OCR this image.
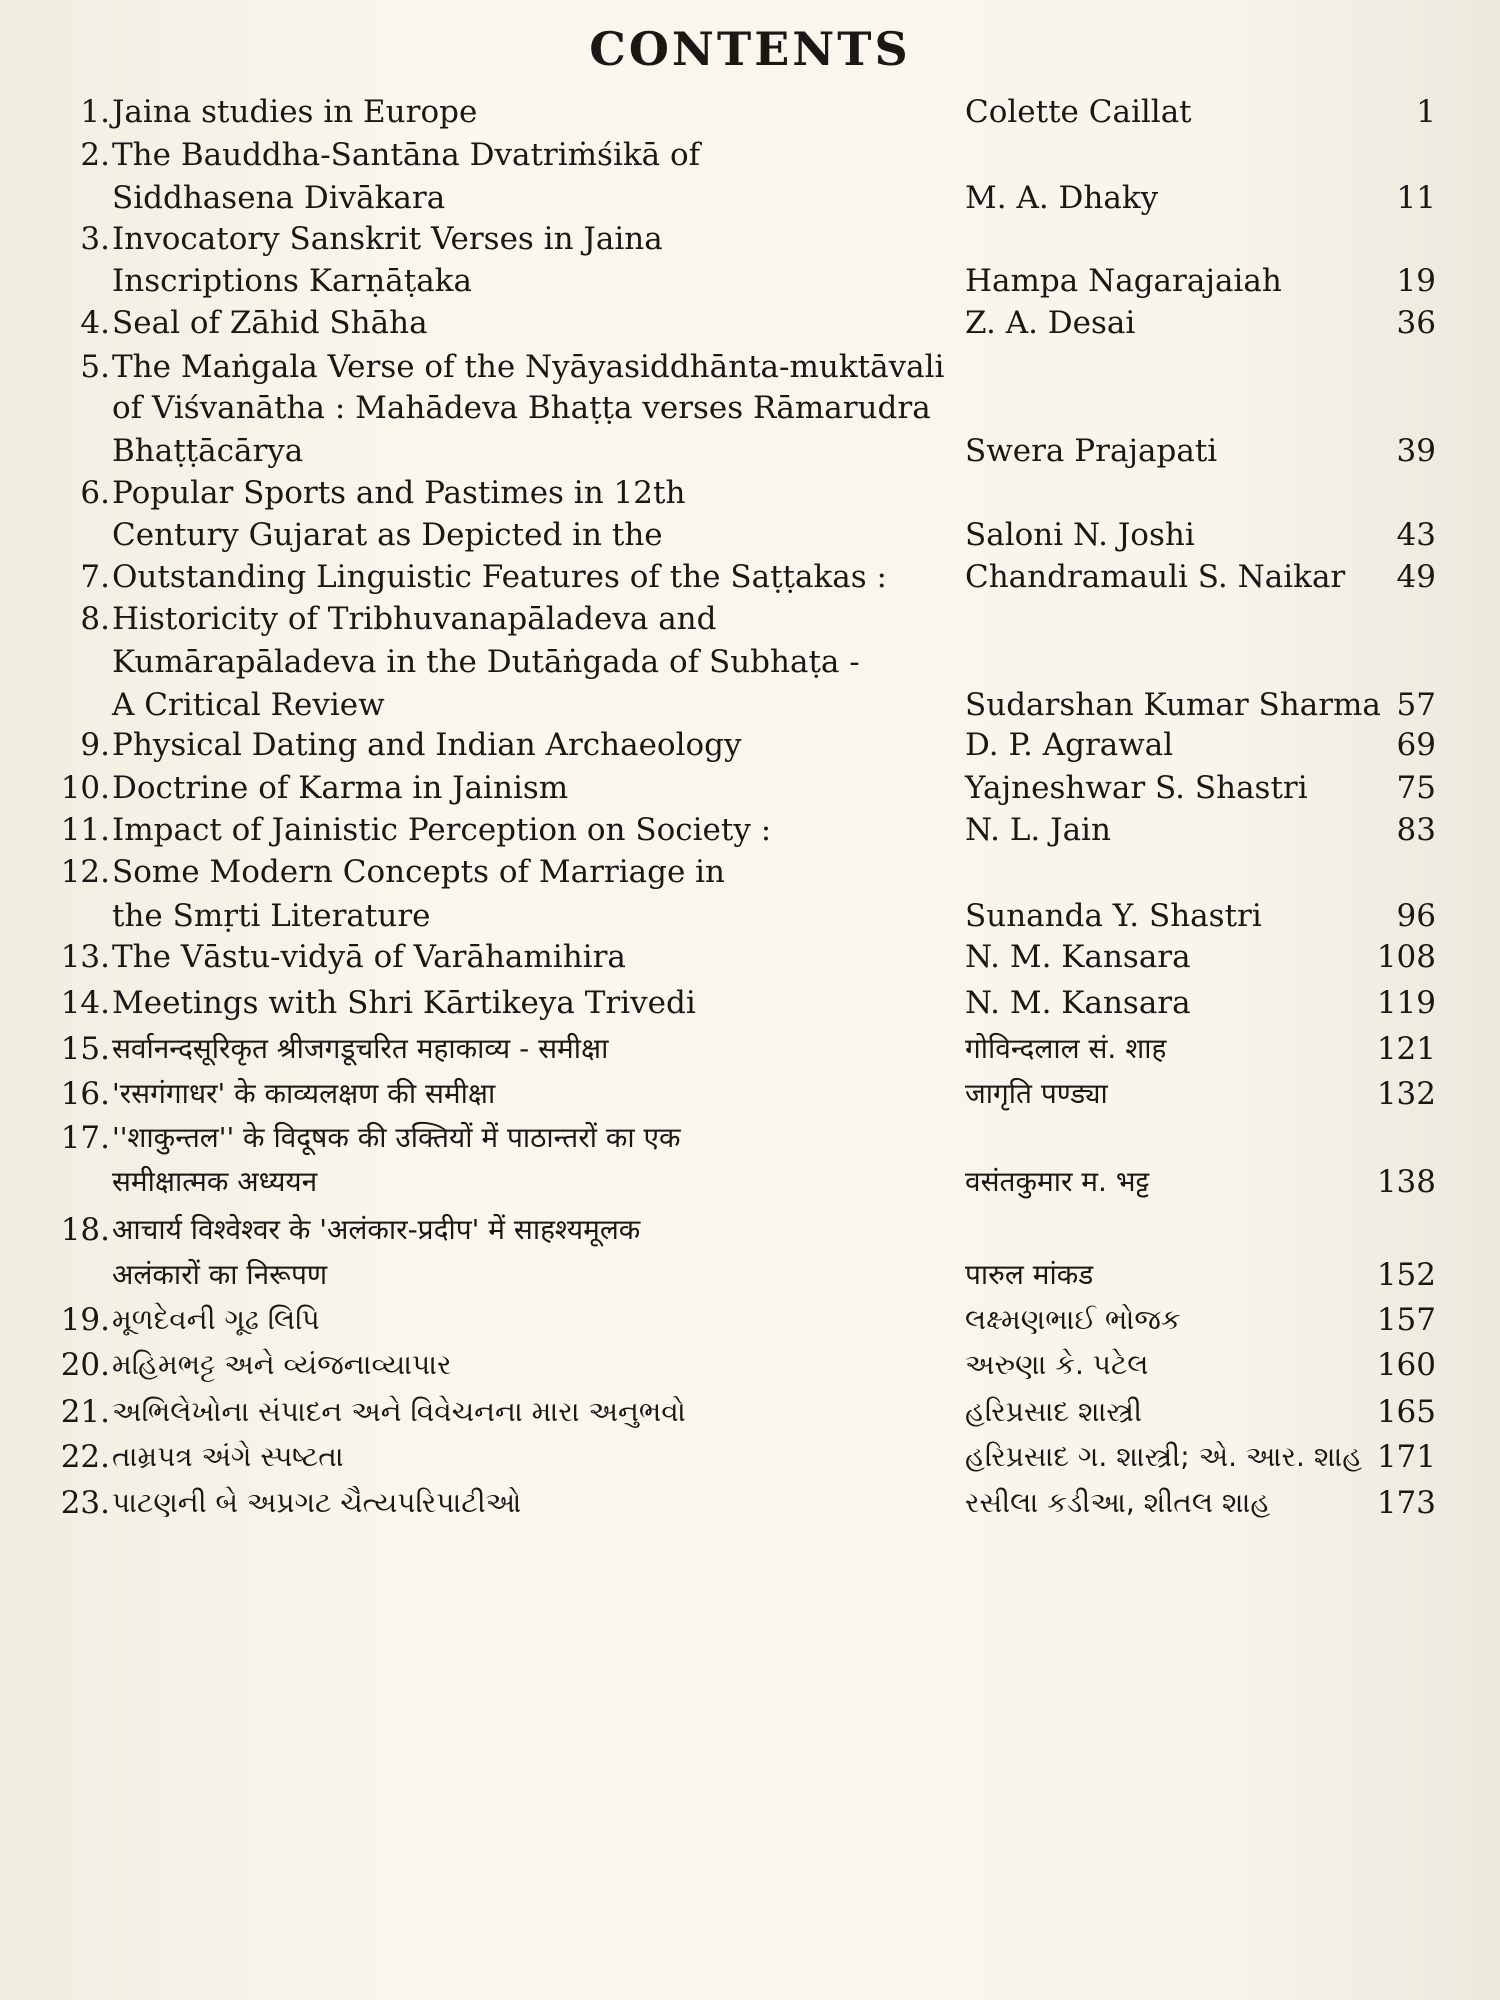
CONTENTS
1. Jaina studies in Europe	Colette Caillat	1
2. The Bauddha-Santāna Dvatriṁśikā of
Siddhasena Divākara	M. A. Dhaky	11
3. Invocatory Sanskrit Verses in Jaina
Inscriptions Karṇāṭaka	Hampa Nagarajaiah	19
4. Seal of Zāhid Shāha	Z. A. Desai	36
5. The Maṅgala Verse of the Nyāyasiddhānta-muktāvali
of Viśvanātha : Mahādeva Bhaṭṭa verses Rāmarudra
Bhaṭṭācārya	Swera Prajapati	39
6. Popular Sports and Pastimes in 12th
Century Gujarat as Depicted in the	Saloni N. Joshi	43
7. Outstanding Linguistic Features of the Saṭṭakas :	Chandramauli S. Naikar 49
8. Historicity of Tribhuvanapāladeva and
Kumārapāladeva in the Dutāṅgada of Subhaṭa -
A Critical Review	Sudarshan Kumar Sharma 57
9. Physical Dating and Indian Archaeology	D. P. Agrawal	69
10. Doctrine of Karma in Jainism	Yajneshwar S. Shastri	75
11. Impact of Jainistic Perception on Society :	N. L. Jain	83
12. Some Modern Concepts of Marriage in
the Smṛti Literature	Sunanda Y. Shastri	96
13. The Vāstu-vidyā of Varāhamihira	N. M. Kansara	108
14. Meetings with Shri Kārtikeya Trivedi	N. M. Kansara	119
15. सर्वानन्दसूरिकृत श्रीजगडूचरित महाकाव्य - समीक्षा	गोविन्दलाल सं. शाह	121
16. 'रसगंगाधर' के काव्यलक्षण की समीक्षा	जागृति पण्ड्या	132
17. ''शाकुन्तल'' के विदूषक की उक्तियों में पाठान्तरों का एक
समीक्षात्मक अध्ययन	वसंतकुमार म. भट्ट	138
18. आचार्य विश्वेश्वर के 'अलंकार-प्रदीप' में साहश्यमूलक
अलंकारों का निरूपण	पारुल मांकड	152
19. મૂળદેવની ગૂઢ લિપિ	લક્ષ્મણભાઈ ભોજક	157
20. મહિમભટ્ટ અને વ્યંજનાવ્યાપાર	અરુણા કે. પટેલ	160
21. અભિલેખોના સંપાદન અને વિવેચનના મારા અનુભવો	હરિપ્રસાદ શાસ્ત્રી	165
22. તામ્રપત્ર અંગે સ્પષ્ટતા	હરિપ્રસાદ ગ. શાસ્ત્રી; એ. આર. શાહ 171
23. પાટણની બે અપ્રગટ ચૈત્યપરિપાટીઓ	રસીલા કડીઆ, શીતલ શાહ	173
